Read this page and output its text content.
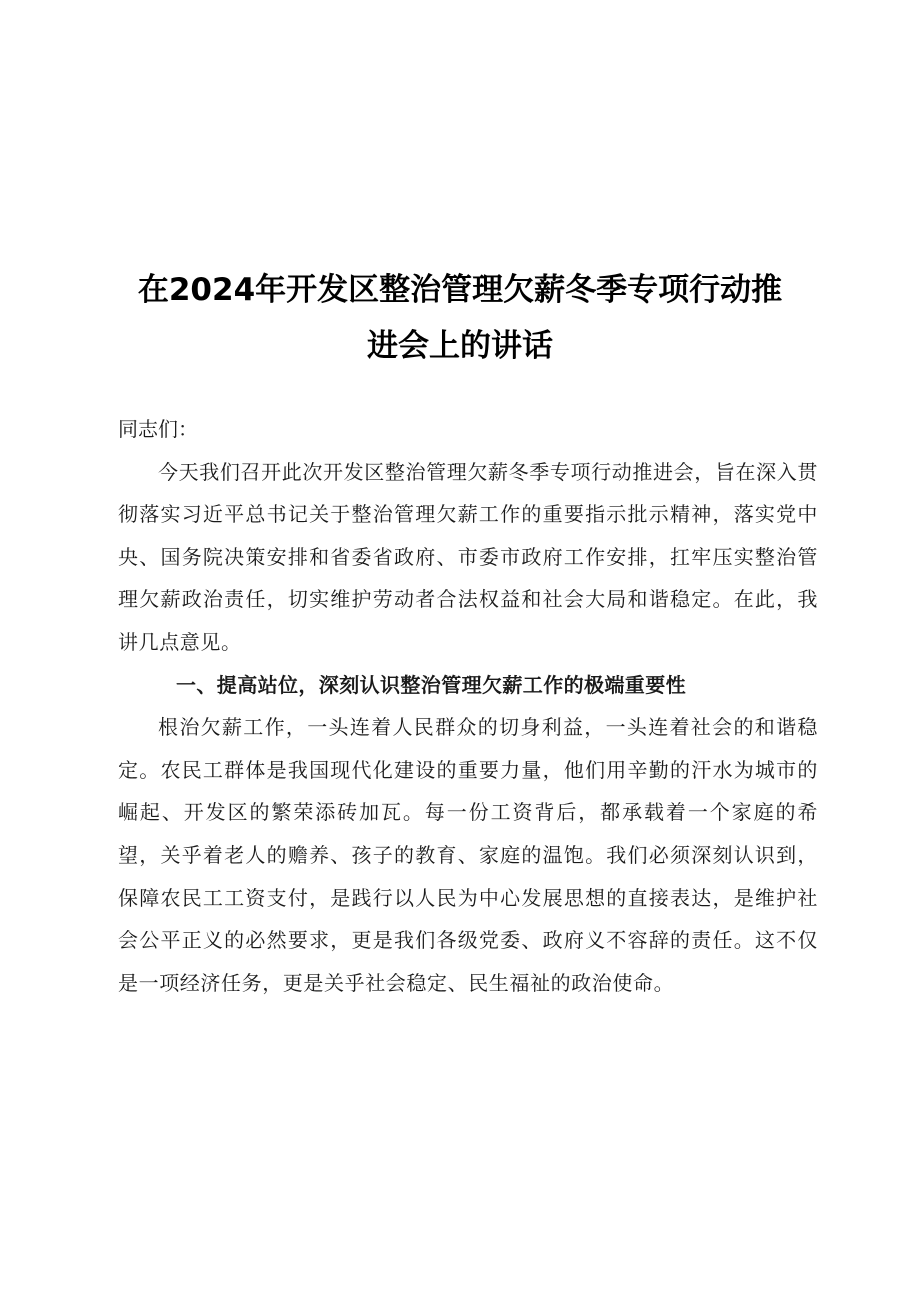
在2024年开发区整治管理欠薪冬季专项行动推
进会上的讲话

同志们：

今天我们召开此次开发区整治管理欠薪冬季专项行动推进会，旨在深入贯彻落实习近平总书记关于整治管理欠薪工作的重要指示批示精神，落实党中央、国务院决策安排和省委省政府、市委市政府工作安排，扛牢压实整治管理欠薪政治责任，切实维护劳动者合法权益和社会大局和谐稳定。在此，我讲几点意见。

一、提高站位，深刻认识整治管理欠薪工作的极端重要性

根治欠薪工作，一头连着人民群众的切身利益，一头连着社会的和谐稳定。农民工群体是我国现代化建设的重要力量，他们用辛勤的汗水为城市的崛起、开发区的繁荣添砖加瓦。每一份工资背后，都承载着一个家庭的希望，关乎着老人的赡养、孩子的教育、家庭的温饱。我们必须深刻认识到，保障农民工工资支付，是践行以人民为中心发展思想的直接表达，是维护社会公平正义的必然要求，更是我们各级党委、政府义不容辞的责任。这不仅是一项经济任务，更是关乎社会稳定、民生福祉的政治使命。
